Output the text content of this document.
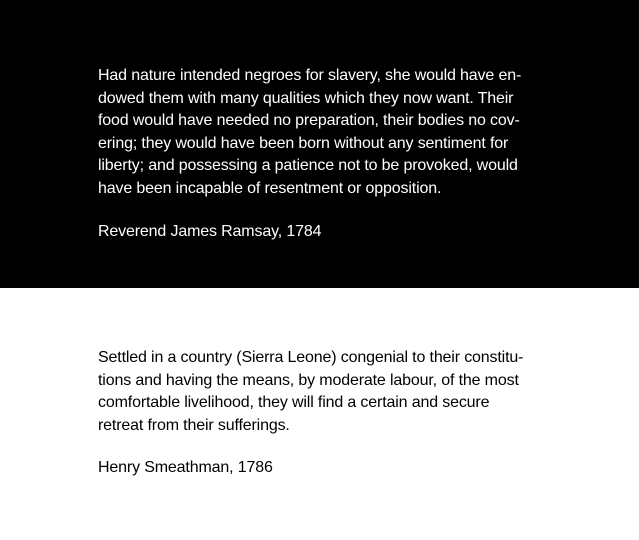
Had nature intended negroes for slavery, she would have en-
dowed them with many qualities which they now want. Their
food would have needed no preparation, their bodies no cov-
ering; they would have been born without any sentiment for
liberty; and possessing a patience not to be provoked, would
have been incapable of resentment or opposition.
Reverend James Ramsay, 1784
Settled in a country (Sierra Leone) congenial to their constitu-
tions and having the means, by moderate labour, of the most
comfortable livelihood, they will find a certain and secure
retreat from their sufferings.
Henry Smeathman, 1786
